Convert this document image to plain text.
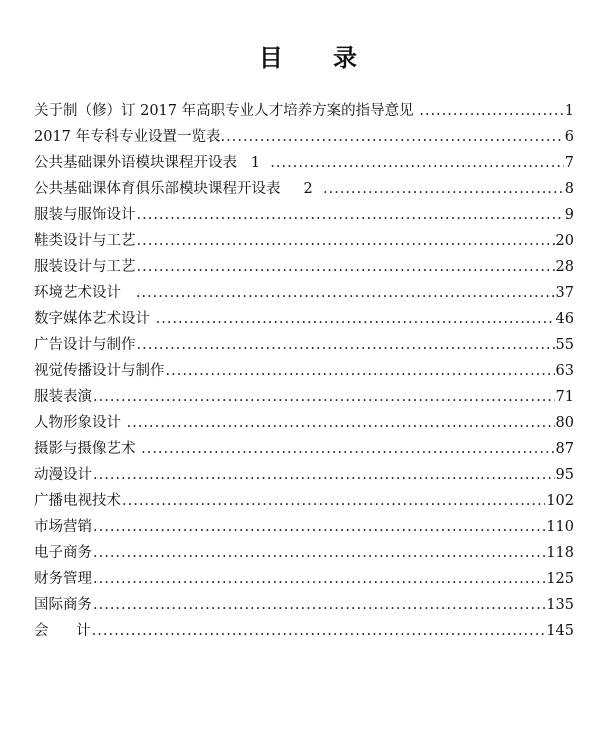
目      录
关于制（修）订 2017 年高职专业人才培养方案的指导意见 .....	1
2017 年专科专业设置一览表. .....	6
公共基础课外语模块课程开设表   1 .....	7
公共基础课体育俱乐部模块课程开设表     2 .....	8
服装与服饰设计 .....	9
鞋类设计与工艺 .....	20
服装设计与工艺 .....	28
环境艺术设计 .....	37
数字媒体艺术设计 .....	46
广告设计与制作 .....	55
视觉传播设计与制作 .....	63
服装表演 .....	71
人物形象设计 .....	80
摄影与摄像艺术 .....	87
动漫设计 .....	95
广播电视技术 .....	102
市场营销 .....	110
电子商务 .....	118
财务管理 .....	125
国际商务 .....	135
会      计 .....	145
